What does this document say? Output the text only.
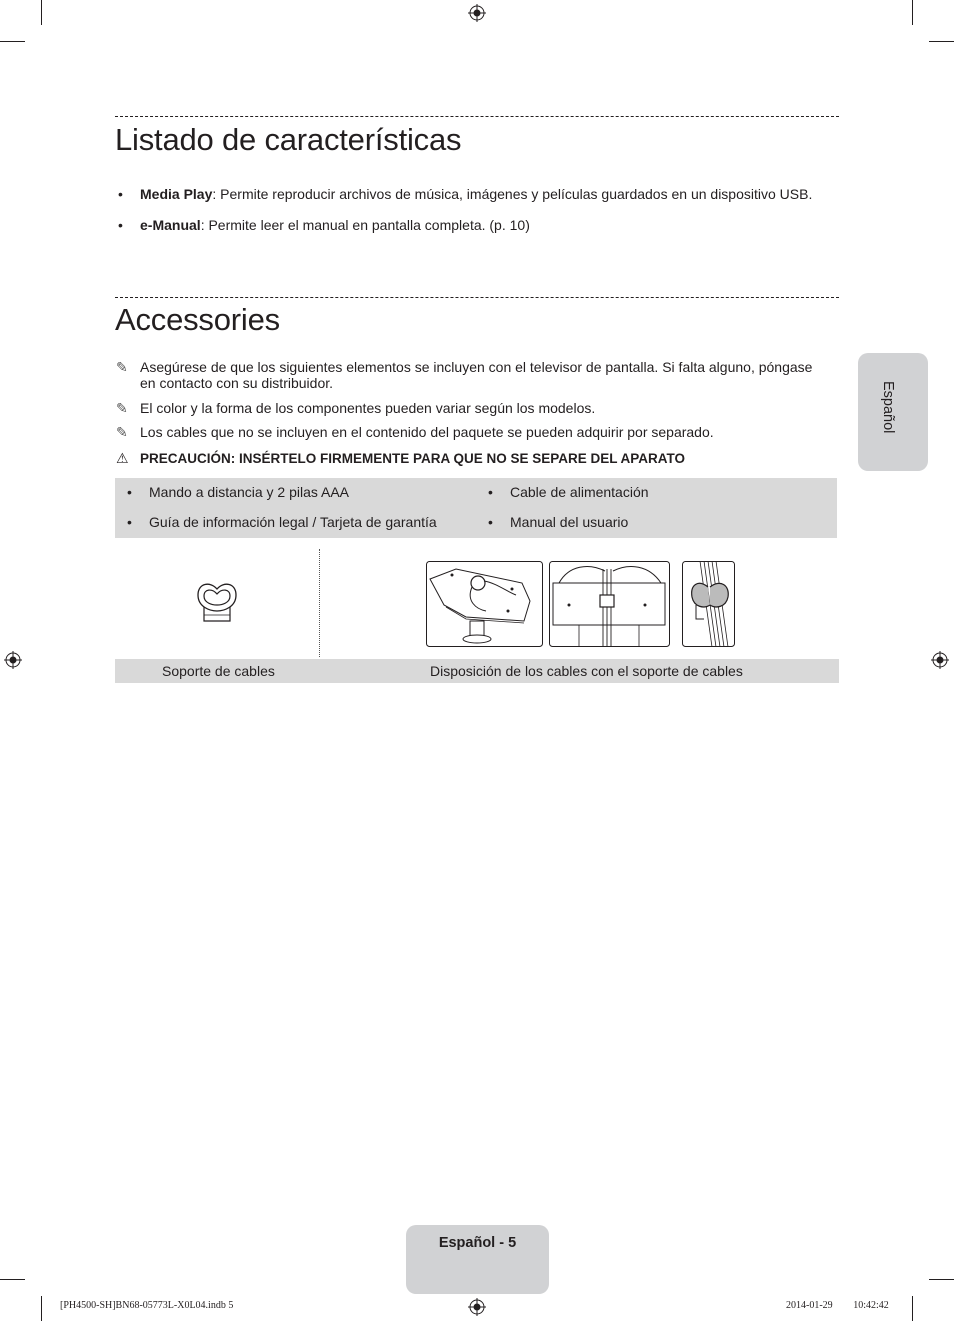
Listado de características
•	Media Play: Permite reproducir archivos de música, imágenes y películas guardados en un dispositivo USB.
•	e-Manual: Permite leer el manual en pantalla completa. (p. 10)
Accessories
✎ Asegúrese de que los siguientes elementos se incluyen con el televisor de pantalla. Si falta alguno, póngase en contacto con su distribuidor.
✎ El color y la forma de los componentes pueden variar según los modelos.
✎ Los cables que no se incluyen en el contenido del paquete se pueden adquirir por separado.
⚠ PRECAUCIÓN: INSÉRTELO FIRMEMENTE PARA QUE NO SE SEPARE DEL APARATO
•	Mando a distancia y 2 pilas AAA	•	Cable de alimentación
•	Guía de información legal / Tarjeta de garantía	•	Manual del usuario
Soporte de cables	Disposición de los cables con el soporte de cables
Español
Español - 5
[PH4500-SH]BN68-05773L-X0L04.indb 5	2014-01-29 ￿￿ 10:42:42
